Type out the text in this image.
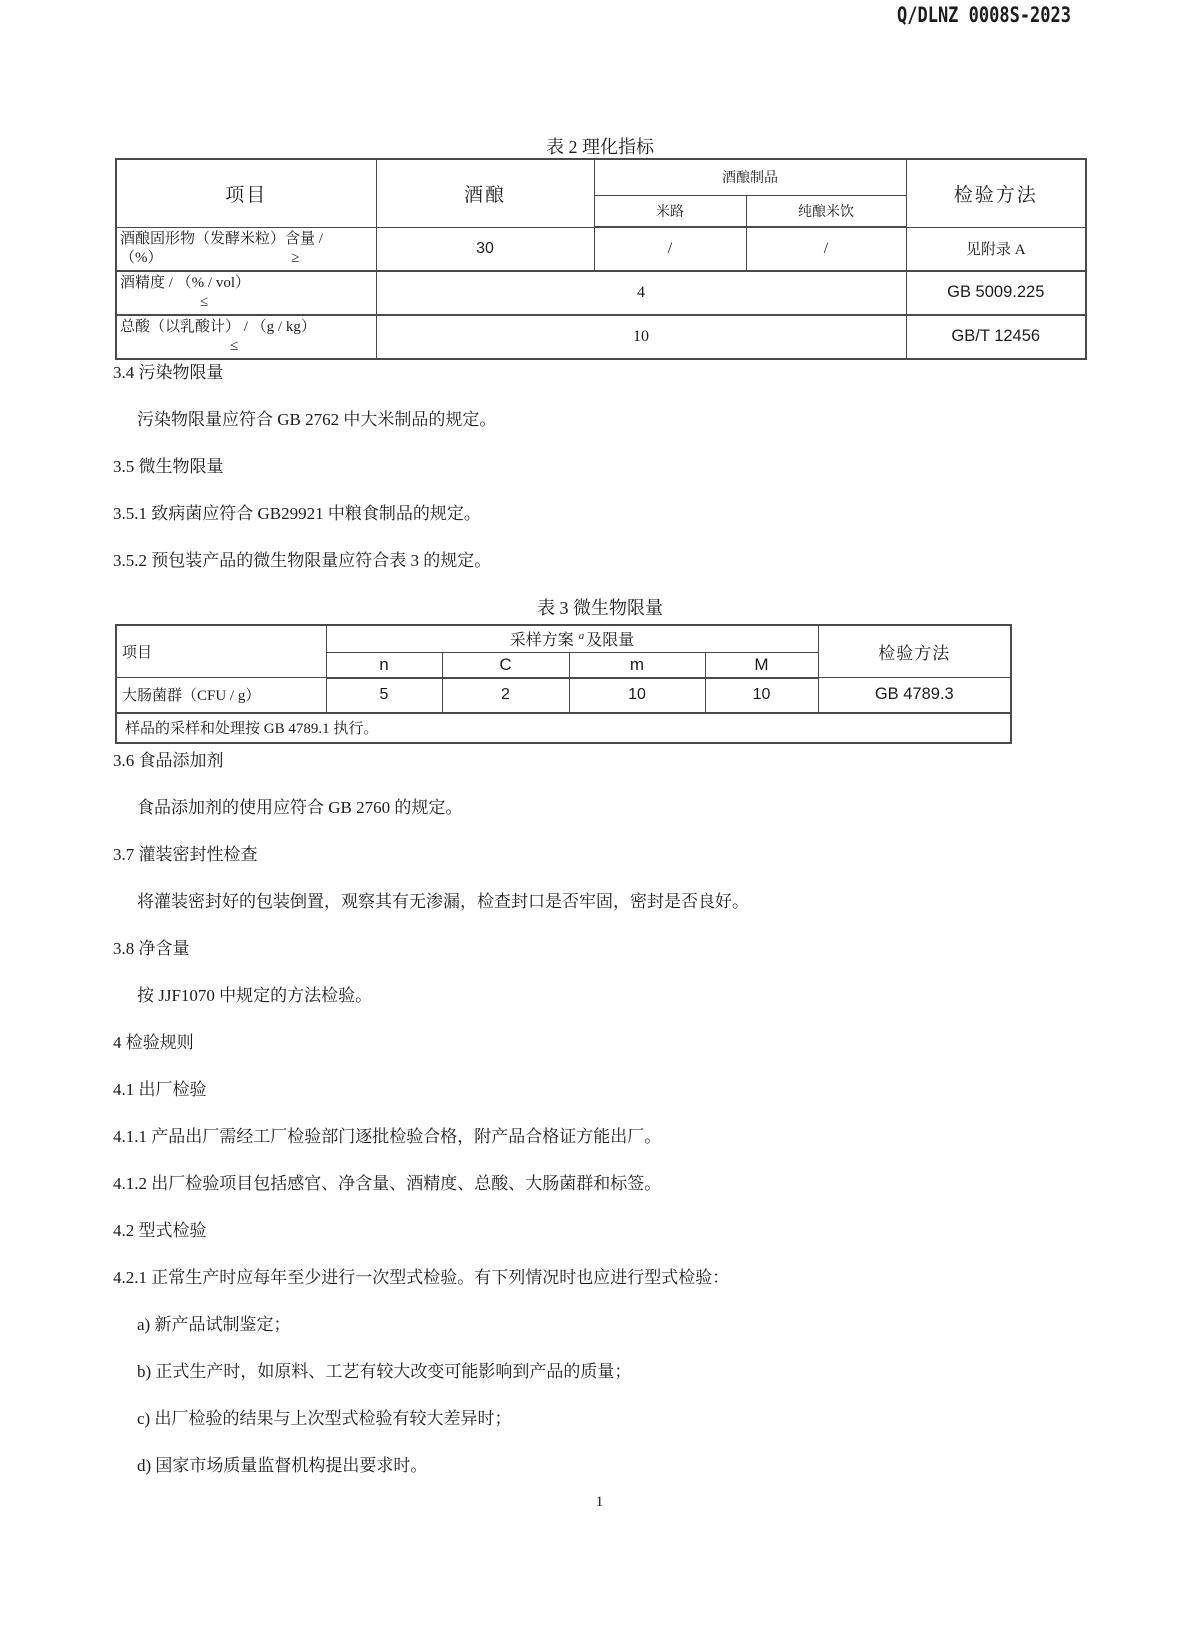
Q/DLNZ 0008S-2023
表 2 理化指标
项目	酒酿	酒酿制品		检验方法
		米路	纯酿米饮	

酒酿固形物（发酵米粒）含量 /
（%） ≥	30	/	/	见附录 A

酒精度 / （% / vol）
≤	4			GB 5009.225

总酸（以乳酸计） / （g / kg）
≤	10			GB/T 12456

3.4 污染物限量

污染物限量应符合 GB 2762 中大米制品的规定。

3.5 微生物限量

3.5.1 致病菌应符合 GB29921 中粮食制品的规定。

3.5.2 预包装产品的微生物限量应符合表 3 的规定。

表 3 微生物限量
项目	采样方案 $^a$ 及限量				检验方法
	n	C	m	M	
大肠菌群（CFU / g）	5	2	10	10	GB 4789.3
样品的采样和处理按 GB 4789.1 执行。					

3.6 食品添加剂

食品添加剂的使用应符合 GB 2760 的规定。

3.7 灌装密封性检查

将灌装密封好的包装倒置，观察其有无渗漏，检查封口是否牢固，密封是否良好。

3.8 净含量

按 JJF1070 中规定的方法检验。

4 检验规则

4.1 出厂检验

4.1.1 产品出厂需经工厂检验部门逐批检验合格，附产品合格证方能出厂。

4.1.2 出厂检验项目包括感官、净含量、酒精度、总酸、大肠菌群和标签。

4.2 型式检验

4.2.1 正常生产时应每年至少进行一次型式检验。有下列情况时也应进行型式检验：

a) 新产品试制鉴定；

b) 正式生产时，如原料、工艺有较大改变可能影响到产品的质量；

c) 出厂检验的结果与上次型式检验有较大差异时；

d) 国家市场质量监督机构提出要求时。

1
